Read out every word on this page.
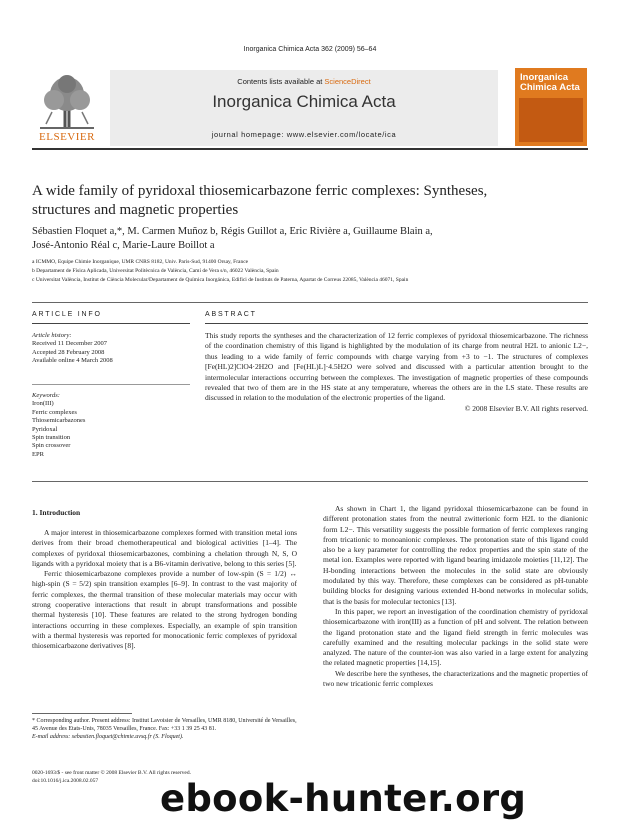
Inorganica Chimica Acta 362 (2009) 56–64
Contents lists available at ScienceDirect
Inorganica Chimica Acta
journal homepage: www.elsevier.com/locate/ica
ELSEVIER
Inorganica Chimica Acta
A wide family of pyridoxal thiosemicarbazone ferric complexes: Syntheses,
structures and magnetic properties
Sébastien Floquet a,*, M. Carmen Muñoz b, Régis Guillot a, Eric Rivière a, Guillaume Blain a,
José-Antonio Réal c, Marie-Laure Boillot a
a ICMMO, Equipe Chimie Inorganique, UMR CNRS 8182, Univ. Paris-Sud, 91400 Orsay, France
b Departament de Física Aplicada, Universitat Politècnica de València, Camí de Vera s/n, 46022 València, Spain
c Universitat València, Institut de Ciència Molecular/Departament de Química Inorgánica, Edifici de Instituts de Paterna, Apartat de Correus 22085, València 46071, Spain
ARTICLE INFO	ABSTRACT
Article history:
Received 11 December 2007
Accepted 28 February 2008
Available online 4 March 2008
Keywords:
Iron(III)
Ferric complexes
Thiosemicarbazones
Pyridoxal
Spin transition
Spin crossover
EPR
This study reports the syntheses and the characterization of 12 ferric complexes of pyridoxal thiosemicarbazone. The richness of the coordination chemistry of this ligand is highlighted by the modulation of its charge from neutral H2L to anionic L2−, thus leading to a wide family of ferric compounds with charge varying from +3 to −1. The structures of complexes [Fe(HL)2]ClO4·2H2O and [Fe(HL)L]·4.5H2O were solved and discussed with a particular attention brought to the intermolecular interactions occurring between the complexes. The investigation of magnetic properties of these compounds revealed that two of them are in the HS state at any temperature, whereas the others are in the LS state. These results are discussed in relation to the modulation of the electronic properties of the ligand.
© 2008 Elsevier B.V. All rights reserved.
1. Introduction

A major interest in thiosemicarbazone complexes formed with transition metal ions derives from their broad chemotherapeutical and biological activities [1–4]. The complexes of pyridoxal thiosemicarbazones, combining a chelation through N, S, O ligands with a pyridoxal moiety that is a B6-vitamin derivative, belong to this series [5].

Ferric thiosemicarbazone complexes provide a number of low-spin (S = 1/2) ↔ high-spin (S = 5/2) spin transition examples [6–9]. In contrast to the vast majority of ferric complexes, the thermal transition of these molecular materials may occur with strong cooperative interactions that result in abrupt transformations and possible thermal hysteresis [10]. These features are related to the strong hydrogen bonding interactions occurring in these complexes. Especially, an example of spin transition with a thermal hysteresis was reported for monocationic ferric complexes of pyridoxal thiosemicarbazone derivatives [8].

As shown in Chart 1, the ligand pyridoxal thiosemicarbazone can be found in different protonation states from the neutral zwitterionic form H2L to the dianionic form L2−. This versatility suggests the possible formation of ferric complexes ranging from tricationic to monoanionic complexes. The protonation state of this ligand could also be a key parameter for controlling the redox properties and the spin state of the metal ion. Examples were reported with ligand bearing imidazole moieties [11,12]. The H-bonding interactions between the molecules in the solid state are obviously modulated by this way. Therefore, these complexes can be considered as pH-tunable building blocks for designing various extended H-bond networks in molecular solids, that is the basis for molecular tectonics [13].

In this paper, we report an investigation of the coordination chemistry of pyridoxal thiosemicarbazone with iron(III) as a function of pH and solvent. The relation between the ligand protonation state and the ligand field strength in ferric molecules was carefully examined and the resulting molecular packings in the solid state were analyzed. The nature of the counter-ion was also varied in a large extent for analyzing the related magnetic properties [14,15].

We describe here the syntheses, the characterizations and the magnetic properties of two new tricationic ferric complexes

* Corresponding author. Present address: Institut Lavoisier de Versailles, UMR 8180, Université de Versailles, 45 Avenue des Etats-Unis, 78035 Versailles, France. Fax: +33 1 39 25 43 81.
E-mail address: sebastien.floquet@chimie.uvsq.fr (S. Floquet).
0020-1693/$ - see front matter © 2008 Elsevier B.V. All rights reserved.
doi:10.1016/j.ica.2008.02.057	ebook-hunter.org
